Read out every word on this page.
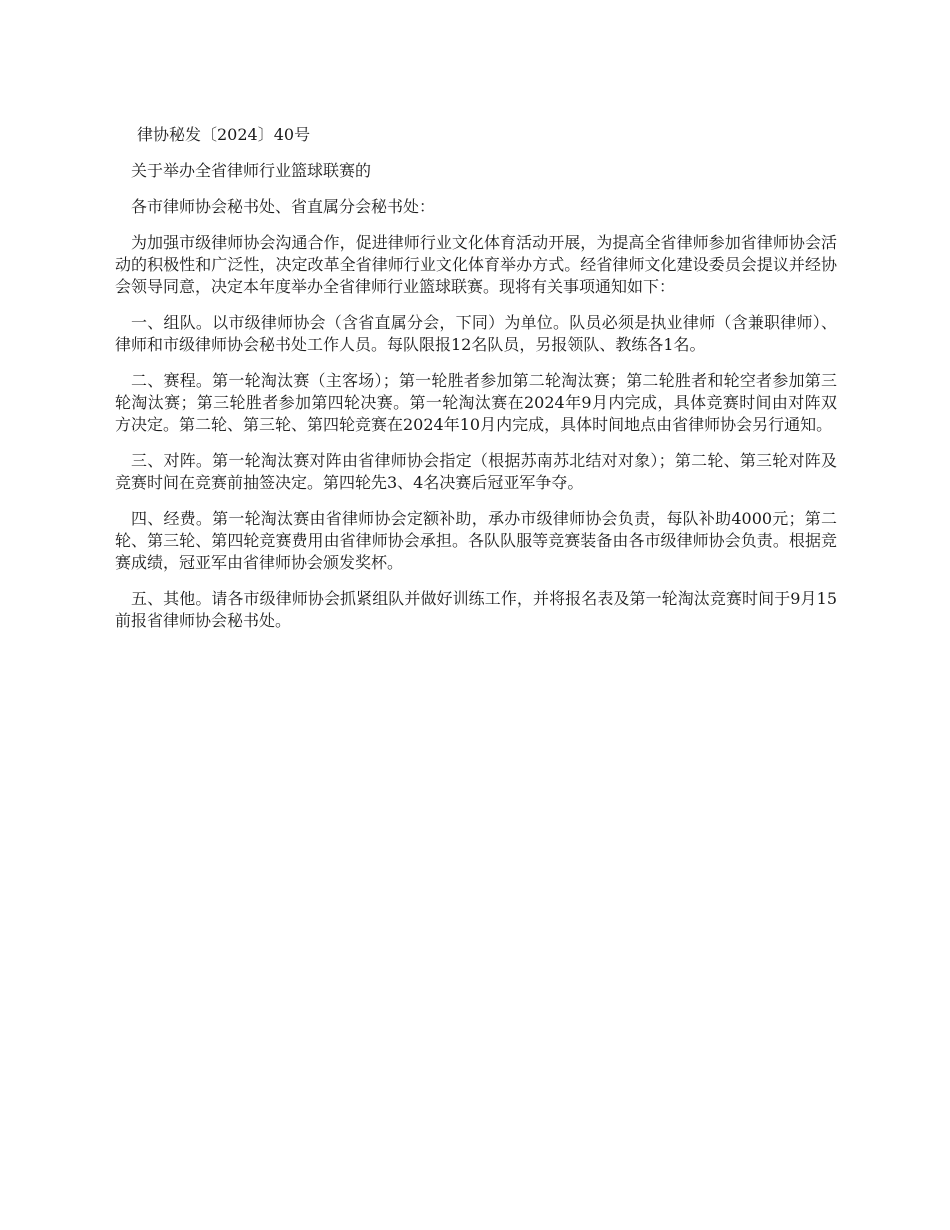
律协秘发〔2024〕40号

关于举办全省律师行业篮球联赛的

各市律师协会秘书处、省直属分会秘书处：

为加强市级律师协会沟通合作，促进律师行业文化体育活动开展，为提高全省律师参加省律师协会活动的积极性和广泛性，决定改革全省律师行业文化体育举办方式。经省律师文化建设委员会提议并经协会领导同意，决定本年度举办全省律师行业篮球联赛。现将有关事项通知如下：

一、组队。以市级律师协会（含省直属分会，下同）为单位。队员必须是执业律师（含兼职律师）、律师和市级律师协会秘书处工作人员。每队限报12名队员，另报领队、教练各1名。

二、赛程。第一轮淘汰赛（主客场）；第一轮胜者参加第二轮淘汰赛；第二轮胜者和轮空者参加第三轮淘汰赛；第三轮胜者参加第四轮决赛。第一轮淘汰赛在2024年9月内完成，具体竞赛时间由对阵双方决定。第二轮、第三轮、第四轮竞赛在2024年10月内完成，具体时间地点由省律师协会另行通知。

三、对阵。第一轮淘汰赛对阵由省律师协会指定（根据苏南苏北结对对象）；第二轮、第三轮对阵及竞赛时间在竞赛前抽签决定。第四轮先3、4名决赛后冠亚军争夺。

四、经费。第一轮淘汰赛由省律师协会定额补助，承办市级律师协会负责，每队补助4000元；第二轮、第三轮、第四轮竞赛费用由省律师协会承担。各队队服等竞赛装备由各市级律师协会负责。根据竞赛成绩，冠亚军由省律师协会颁发奖杯。

五、其他。请各市级律师协会抓紧组队并做好训练工作，并将报名表及第一轮淘汰竞赛时间于9月15前报省律师协会秘书处。
